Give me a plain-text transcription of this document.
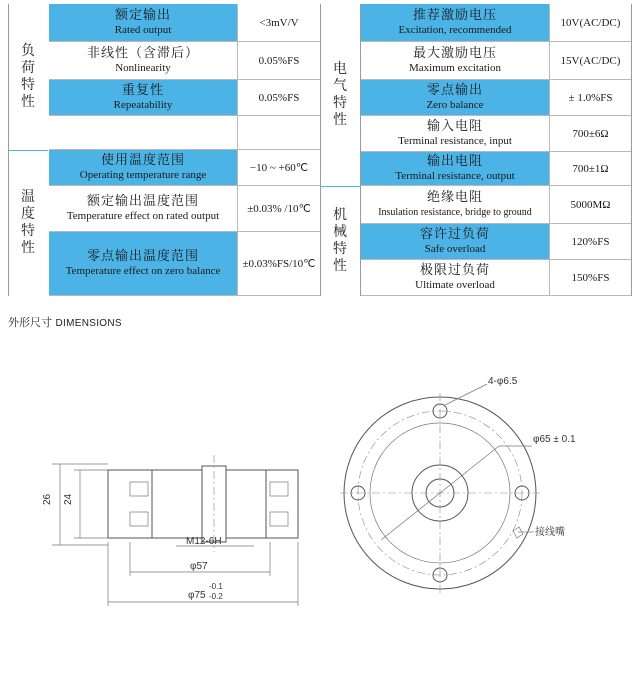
负
荷
特
性
温
度
特
性
电
气
特
性
机
械
特
性
额定输出
Rated output
<3mV/V
非线性（含滞后）
Nonlinearity
0.05%FS
重复性
Repeatability
0.05%FS
使用温度范围
Operating temperature range
−10 ~ +60℃
额定输出温度范围
Temperature effect on rated output
±0.03% /10℃
零点输出温度范围
Temperature effect on zero balance
±0.03%FS/10℃
推荐激励电压
Excitation, recommended
10V(AC/DC)
最大激励电压
Maximum excitation
15V(AC/DC)
零点输出
Zero balance
± 1.0%FS
输入电阻
Terminal resistance, input
700±6Ω
输出电阻
Terminal resistance, output
700±1Ω
绝缘电阻
Insulation resistance, bridge to ground
5000MΩ
容许过负荷
Safe overload
120%FS
极限过负荷
Ultimate overload
150%FS
外形尺寸 DIMENSIONS
26 24
M12-6H
φ57
φ75
-0.1
-0.2
4-φ6.5
φ65 ± 0.1
接线嘴
